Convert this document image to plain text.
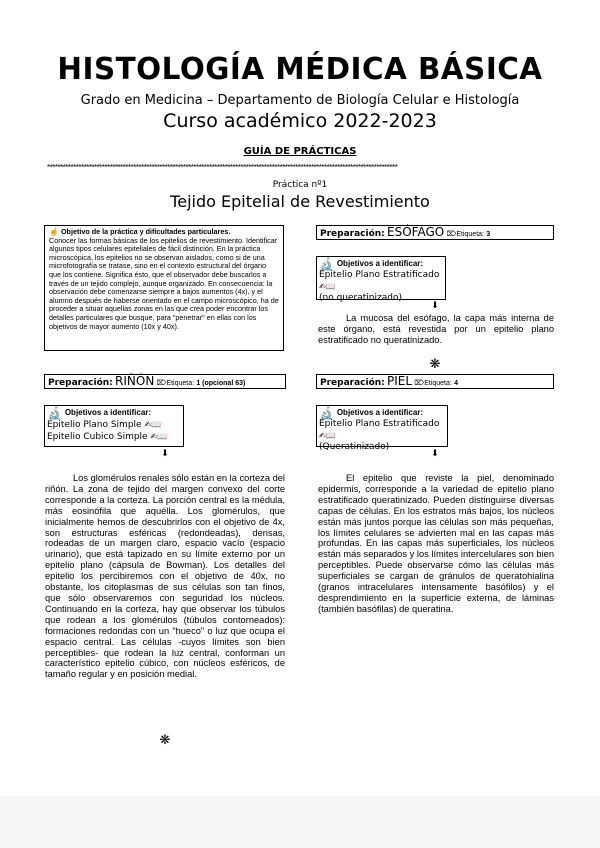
HISTOLOGÍA MÉDICA BÁSICA
Grado en Medicina – Departamento de Biología Celular e Histología
Curso académico 2022-2023
GUÍA DE PRÁCTICAS
**************************************************************************************************************************************
Práctica nº1
Tejido Epitelial de Revestimiento
☝ Objetivo de la práctica y dificultades particulares.
Conocer las formas básicas de los epitelios de revestimiento. Identificar algunos tipos celulares epiteliales de fácil distinción. En la práctica microscópica, los epitelios no se observan aislados, como si de una microfotografía se tratase, sino en el contexto estructural del órgano que los contiene. Significa ésto, que el observador debe buscarlos a través de un tejido complejo, aunque organizado. En consecuencia: la observación debe comenzarse siempre a bajos aumentos (4x), y el alumno después de haberse orientado en el campo microscópico, ha de proceder a situar aquellas zonas en las que crea poder encontrar los detalles particulares que busque, para "penetrar" en ellas con los objetivos de mayor aumento (10x y 40x).
Preparación: ESÓFAGO ⌦Etiqueta: 3
🔬 Objetivos a identificar:
Epitelio Plano Estratificado ✍📖
(no queratinizado)
⬇
La mucosa del esófago, la capa más interna de este órgano, está revestida por un epitelio plano estratificado no queratinizado.
❋
Preparación: RIÑÓN ⌦Etiqueta: 1 (opcional 63)
🔬 Objetivos a identificar:
Epitelio Plano Simple ✍📖
Epitelio Cubico Simple ✍📖
⬇
Los glomérulos renales sólo están en la corteza del riñón. La zona de tejido del margen convexo del corte corresponde a la corteza. La porción central es la médula, más eosinófila que aquélla. Los glomérulos, que inicialmente hemos de descubrirlos con el objetivo de 4x, son estructuras esféricas (redondeadas), densas, rodeadas de un margen claro, espacio vacío (espacio urinario), que está tapizado en su límite externo por un epitelio plano (cápsula de Bowman). Los detalles del epitelio los percibiremos con el objetivo de 40x, no obstante, los citoplasmas de sus células son tan finos, que sólo observaremos con seguridad los núcleos. Continuando en la corteza, hay que observar los túbulos que rodean a los glomérulos (túbulos contorneados): formaciones redondas con un "hueco" o luz que ocupa el espacio central. Las células -cuyos límites son bien perceptibles- que rodean la luz central, conforman un característico epitelio cúbico, con núcleos esféricos, de tamaño regular y en posición medial.
❋
Preparación: PIEL ⌦Etiqueta: 4
🔬 Objetivos a identificar:
Epitelio Plano Estratificado ✍📖
(Queratinizado)
⬇
El epitelio que reviste la piel, denominado epidermis, corresponde a la variedad de epitelio plano estratificado queratinizado. Pueden distinguirse diversas capas de células. En los estratos más bajos, los núcleos están más juntos porque las células son más pequeñas, los límites celulares se advierten mal en las capas más profundas. En las capas más superficiales, los núcleos están más separados y los límites intercelulares son bien perceptibles. Puede observarse cómo las células más superficiales se cargan de gránulos de queratohialina (granos intracelulares intensamente basófilos) y el desprendimiento en la superficie externa, de láminas (también basófilas) de queratina.
